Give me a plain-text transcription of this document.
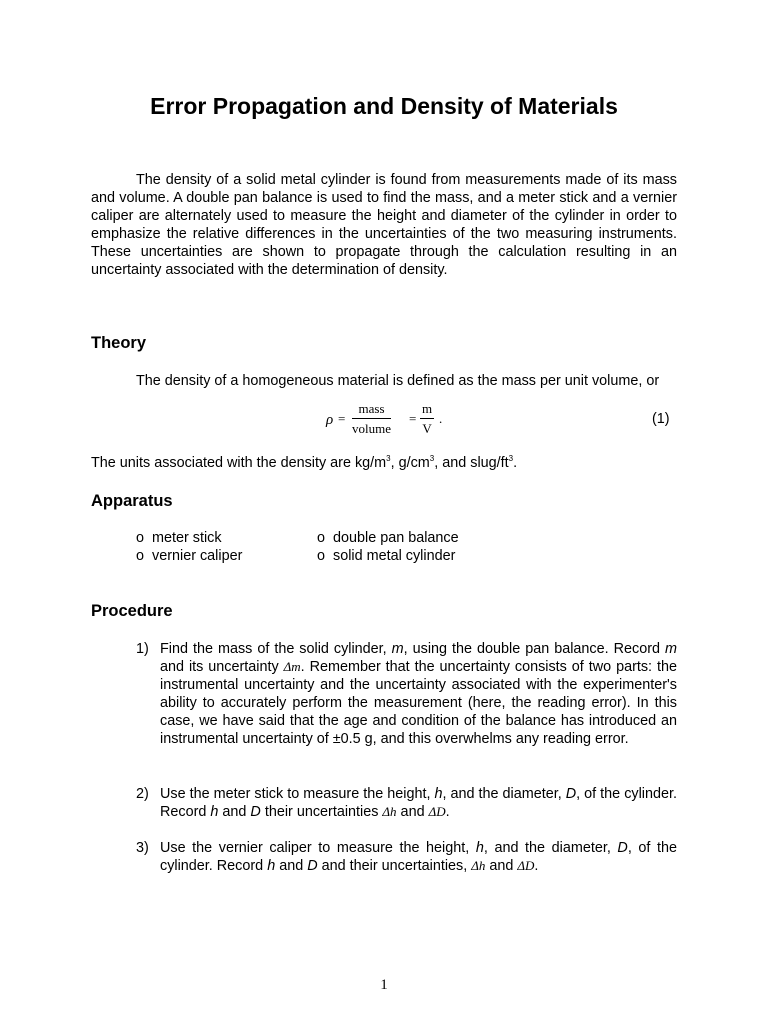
Error Propagation and Density of Materials

The density of a solid metal cylinder is found from measurements made of its mass and volume. A double pan balance is used to find the mass, and a meter stick and a vernier caliper are alternately used to measure the height and diameter of the cylinder in order to emphasize the relative differences in the uncertainties of the two measuring instruments. These uncertainties are shown to propagate through the calculation resulting in an uncertainty associated with the determination of density.

Theory

The density of a homogeneous material is defined as the mass per unit volume, or

ρ =
mass
volume
= $\frac{m}{V}$ .	(1)

The units associated with the density are $kg/m^3$, $g/cm^3$, and slug/$ft^3$.

Apparatus
o meter stick
o vernier caliper
o double pan balance
o solid metal cylinder
Procedure
1) Find the mass of the solid cylinder, m, using the double pan balance. Record m and its uncertainty Δm. Remember that the uncertainty consists of two parts: the instrumental uncertainty and the uncertainty associated with the experimenter's ability to accurately perform the measurement (here, the reading error). In this case, we have said that the age and condition of the balance has introduced an instrumental uncertainty of ±0.5 g, and this overwhelms any reading error.
2) Use the meter stick to measure the height, h, and the diameter, D, of the cylinder. Record h and D their uncertainties Δh and ΔD.
3) Use the vernier caliper to measure the height, h, and the diameter, D, of the cylinder. Record h and D and their uncertainties, Δh and ΔD.
1
